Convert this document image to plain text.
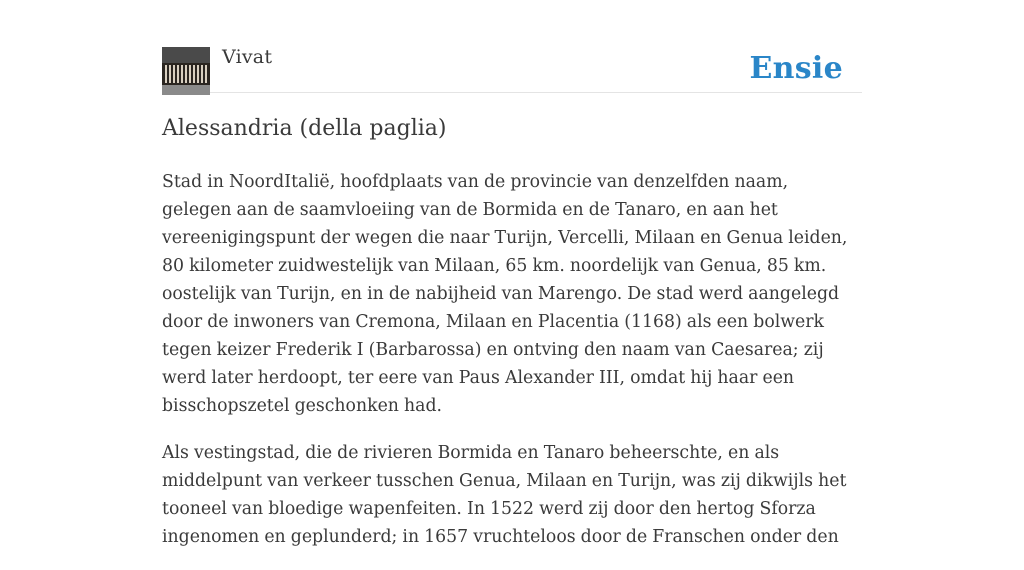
Vivat	Ensie
Alessandria (della paglia)

Stad in NoordItalië, hoofdplaats van de provincie van denzelfden naam, gelegen aan de saamvloeiing van de Bormida en de Tanaro, en aan het vereenigingspunt der wegen die naar Turijn, Vercelli, Milaan en Genua leiden, 80 kilometer zuidwestelijk van Milaan, 65 km. noordelijk van Genua, 85 km. oostelijk van Turijn, en in de nabijheid van Marengo. De stad werd aangelegd door de inwoners van Cremona, Milaan en Placentia (1168) als een bolwerk tegen keizer Frederik I (Barbarossa) en ontving den naam van Caesarea; zij werd later herdoopt, ter eere van Paus Alexander III, omdat hij haar een bisschopszetel geschonken had.

Als vestingstad, die de rivieren Bormida en Tanaro beheerschte, en als middelpunt van verkeer tusschen Genua, Milaan en Turijn, was zij dikwijls het tooneel van bloedige wapenfeiten. In 1522 werd zij door den hertog Sforza ingenomen en geplunderd; in 1657 vruchteloos door de Franschen onder den
